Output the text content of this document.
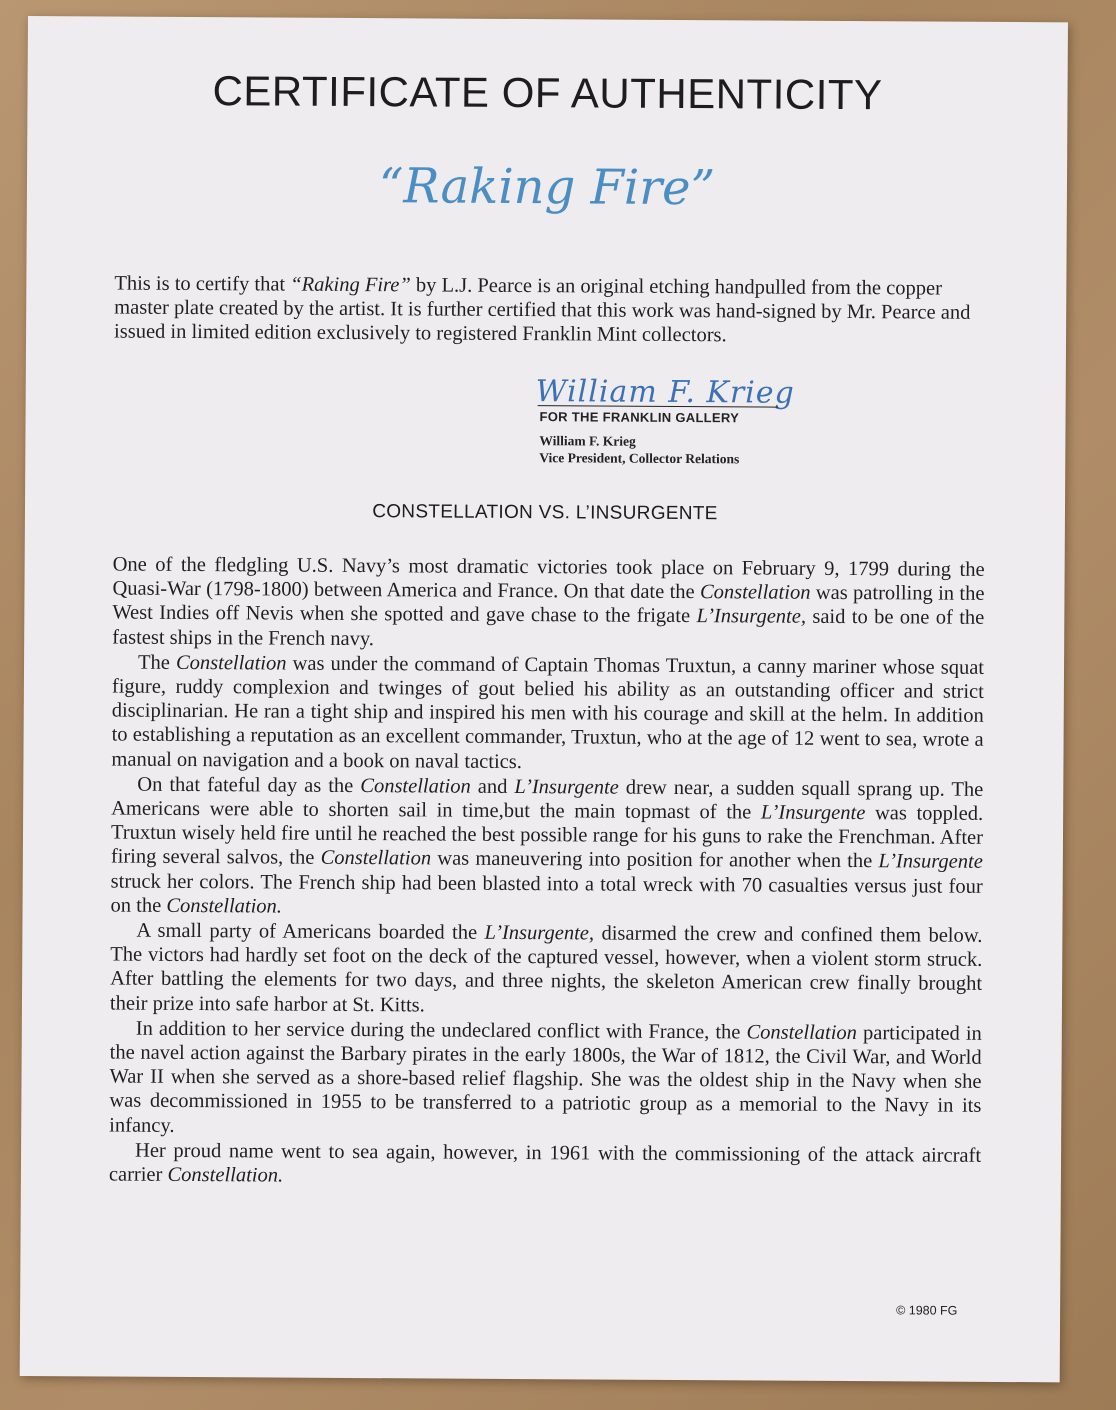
CERTIFICATE OF AUTHENTICITY
“Raking Fire”

This is to certify that “Raking Fire” by L.J. Pearce is an original etching handpulled from the copper master plate created by the artist. It is further certified that this work was hand-signed by Mr. Pearce and issued in limited edition exclusively to registered Franklin Mint collectors.

William F. Krieg
FOR THE FRANKLIN GALLERY
William F. Krieg
Vice President, Collector Relations
CONSTELLATION VS. L’INSURGENTE

One of the fledgling U.S. Navy’s most dramatic victories took place on February 9, 1799 during the Quasi-War (1798-1800) between America and France. On that date the Constellation was patrolling in the West Indies off Nevis when she spotted and gave chase to the frigate L’Insurgente, said to be one of the fastest ships in the French navy.

The Constellation was under the command of Captain Thomas Truxtun, a canny mariner whose squat figure, ruddy complexion and twinges of gout belied his ability as an outstanding officer and strict disciplinarian. He ran a tight ship and inspired his men with his courage and skill at the helm. In addition to establishing a reputation as an excellent commander, Truxtun, who at the age of 12 went to sea, wrote a manual on navigation and a book on naval tactics.

On that fateful day as the Constellation and L’Insurgente drew near, a sudden squall sprang up. The Americans were able to shorten sail in time,but the main topmast of the L’Insurgente was toppled. Truxtun wisely held fire until he reached the best possible range for his guns to rake the Frenchman. After firing several salvos, the Constellation was maneuvering into position for another when the L’Insurgente struck her colors. The French ship had been blasted into a total wreck with 70 casualties versus just four on the Constellation.

A small party of Americans boarded the L’Insurgente, disarmed the crew and confined them below. The victors had hardly set foot on the deck of the captured vessel, however, when a violent storm struck. After battling the elements for two days, and three nights, the skeleton American crew finally brought their prize into safe harbor at St. Kitts.

In addition to her service during the undeclared conflict with France, the Constellation participated in the navel action against the Barbary pirates in the early 1800s, the War of 1812, the Civil War, and World War II when she served as a shore-based relief flagship. She was the oldest ship in the Navy when she was decommissioned in 1955 to be transferred to a patriotic group as a memorial to the Navy in its infancy.

Her proud name went to sea again, however, in 1961 with the commissioning of the attack aircraft carrier Constellation.

© 1980 FG
